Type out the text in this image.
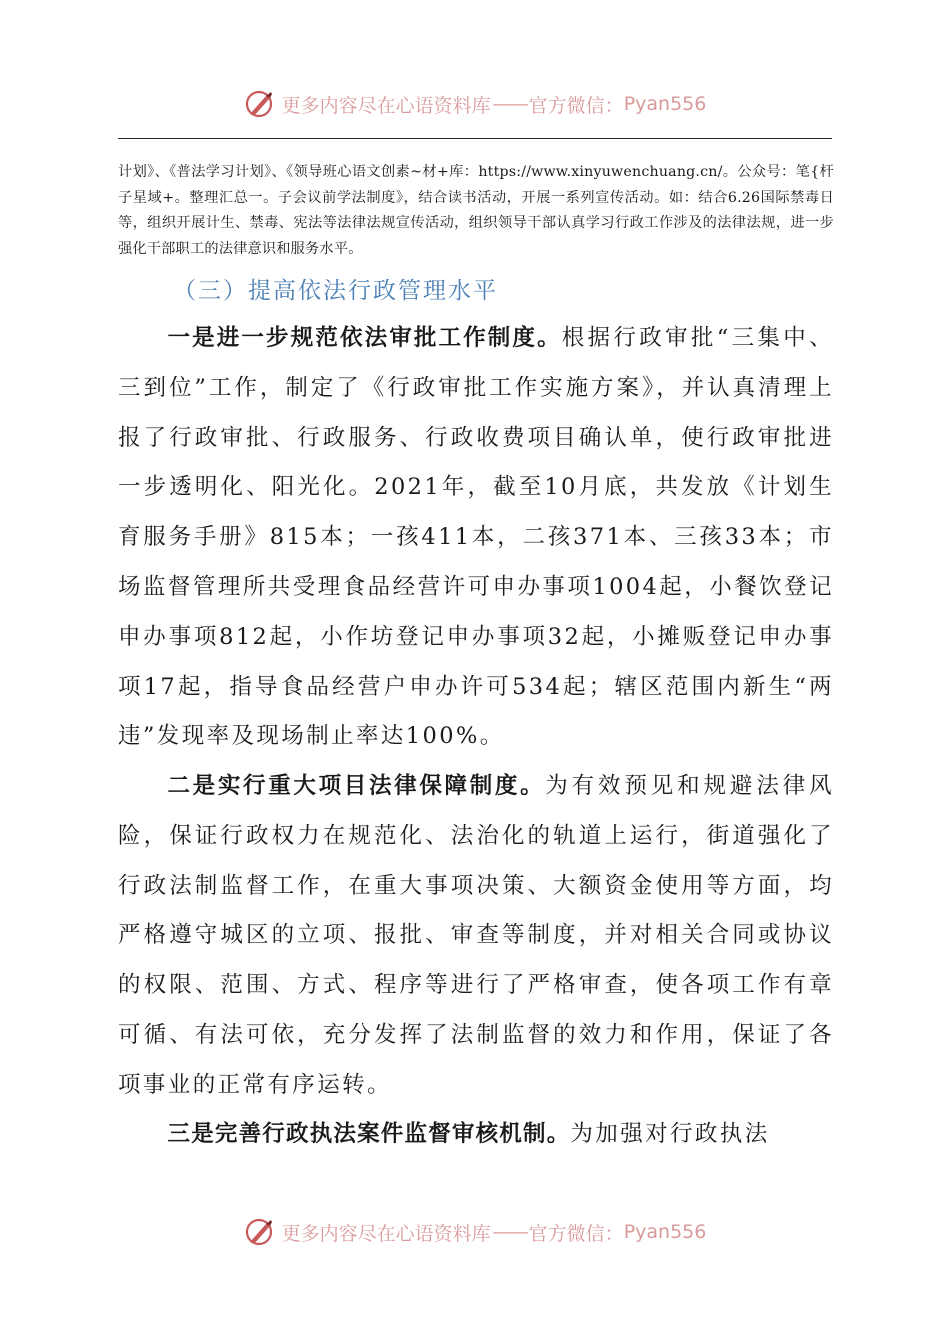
更多内容尽在心语资料库 —— 官方微信： Pyan556

计划》、《普法学习计划》、《领导班心语文创素~材+库：https://www.xinyuwenchuang.cn/。公众号：笔{杆子星域+。整理汇总一。子会议前学法制度》，结合读书活动，开展一系列宣传活动。如：结合6.26国际禁毒日等，组织开展计生、禁毒、宪法等法律法规宣传活动，组织领导干部认真学习行政工作涉及的法律法规，进一步强化干部职工的法律意识和服务水平。

（三）提高依法行政管理水平

一是进一步规范依法审批工作制度。根据行政审批“三集中、三到位”工作，制定了《行政审批工作实施方案》，并认真清理上报了行政审批、行政服务、行政收费项目确认单，使行政审批进一步透明化、阳光化。2021年，截至10月底，共发放《计划生育服务手册》815本；一孩411本，二孩371本、三孩33本；市场监督管理所共受理食品经营许可申办事项1004起，小餐饮登记申办事项812起，小作坊登记申办事项32起，小摊贩登记申办事项17起，指导食品经营户申办许可534起；辖区范围内新生“两违”发现率及现场制止率达100%。

二是实行重大项目法律保障制度。为有效预见和规避法律风险，保证行政权力在规范化、法治化的轨道上运行，街道强化了行政法制监督工作，在重大事项决策、大额资金使用等方面，均严格遵守城区的立项、报批、审查等制度，并对相关合同或协议的权限、范围、方式、程序等进行了严格审查，使各项工作有章可循、有法可依，充分发挥了法制监督的效力和作用，保证了各项事业的正常有序运转。

三是完善行政执法案件监督审核机制。为加强对行政执法

更多内容尽在心语资料库 —— 官方微信： Pyan556
